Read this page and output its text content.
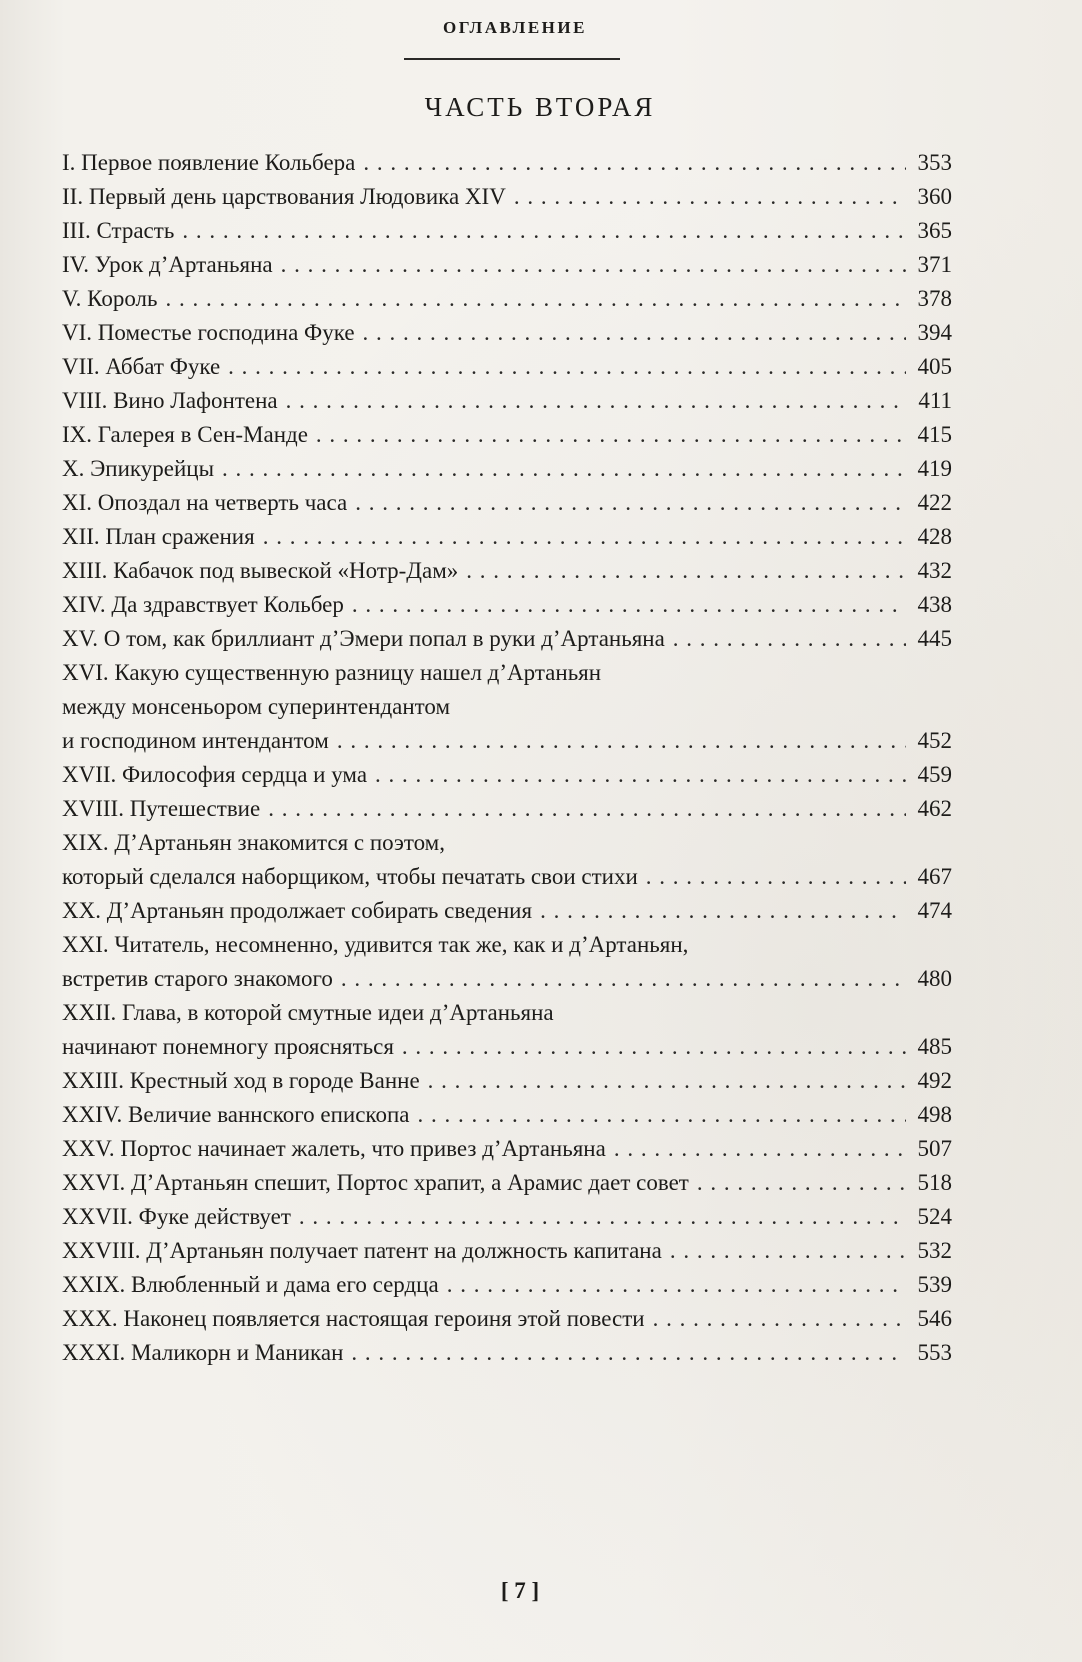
ОГЛАВЛЕНИЕ
ЧАСТЬ ВТОРАЯ
I. Первое появление Кольбера . . .	353
II. Первый день царствования Людовика XIV . . .	360
III. Страсть . . .	365
IV. Урок д’Артаньяна . . .	371
V. Король . . .	378
VI. Поместье господина Фуке . . .	394
VII. Аббат Фуке . . .	405
VIII. Вино Лафонтена . . .	411
IX. Галерея в Сен-Манде . . .	415
X. Эпикурейцы . . .	419
XI. Опоздал на четверть часа . . .	422
XII. План сражения . . .	428
XIII. Кабачок под вывеской «Нотр-Дам» . . .	432
XIV. Да здравствует Кольбер . . .	438
XV. О том, как бриллиант д’Эмери попал в руки д’Артаньяна . . .	445
XVI. Какую существенную разницу нашел д’Артаньян
между монсеньором суперинтендантом
и господином интендантом . . .	452
XVII. Философия сердца и ума . . .	459
XVIII. Путешествие . . .	462
XIX. Д’Артаньян знакомится с поэтом,
который сделался наборщиком, чтобы печатать свои стихи . . .	467
XX. Д’Артаньян продолжает собирать сведения . . .	474
XXI. Читатель, несомненно, удивится так же, как и д’Артаньян,
встретив старого знакомого . . .	480
XXII. Глава, в которой смутные идеи д’Артаньяна
начинают понемногу проясняться . . .	485
XXIII. Крестный ход в городе Ванне . . .	492
XXIV. Величие ваннского епископа . . .	498
XXV. Портос начинает жалеть, что привез д’Артаньяна . . .	507
XXVI. Д’Артаньян спешит, Портос храпит, а Арамис дает совет . . .	518
XXVII. Фуке действует . . .	524
XXVIII. Д’Артаньян получает патент на должность капитана . . .	532
XXIX. Влюбленный и дама его сердца . . .	539
XXX. Наконец появляется настоящая героиня этой повести . . .	546
XXXI. Маликорн и Маникан . . .	553
[ 7 ]
